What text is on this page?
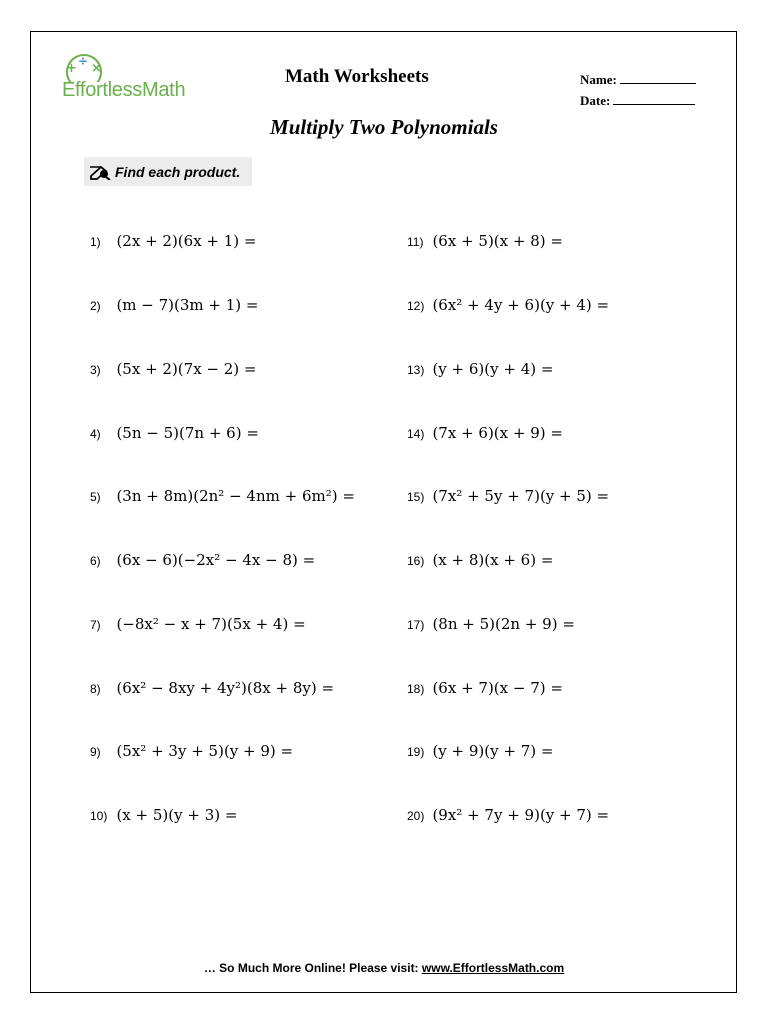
+ ÷ ×
EffortlessMath
Math Worksheets	Name:
Date:
Multiply Two Polynomials
Find each product.
1) (2x + 2)(6x + 1) =
2) (m − 7)(3m + 1) =
3) (5x + 2)(7x − 2) =
4) (5n − 5)(7n + 6) =
5) (3n + 8m)(2n² − 4nm + 6m²) =
6) (6x − 6)(−2x² − 4x − 8) =
7) (−8x² − x + 7)(5x + 4) =
8) (6x² − 8xy + 4y²)(8x + 8y) =
9) (5x² + 3y + 5)(y + 9) =
10) (x + 5)(y + 3) =
11) (6x + 5)(x + 8) =
12) (6x² + 4y + 6)(y + 4) =
13) (y + 6)(y + 4) =
14) (7x + 6)(x + 9) =
15) (7x² + 5y + 7)(y + 5) =
16) (x + 8)(x + 6) =
17) (8n + 5)(2n + 9) =
18) (6x + 7)(x − 7) =
19) (y + 9)(y + 7) =
20) (9x² + 7y + 9)(y + 7) =
… So Much More Online! Please visit: www.EffortlessMath.com
